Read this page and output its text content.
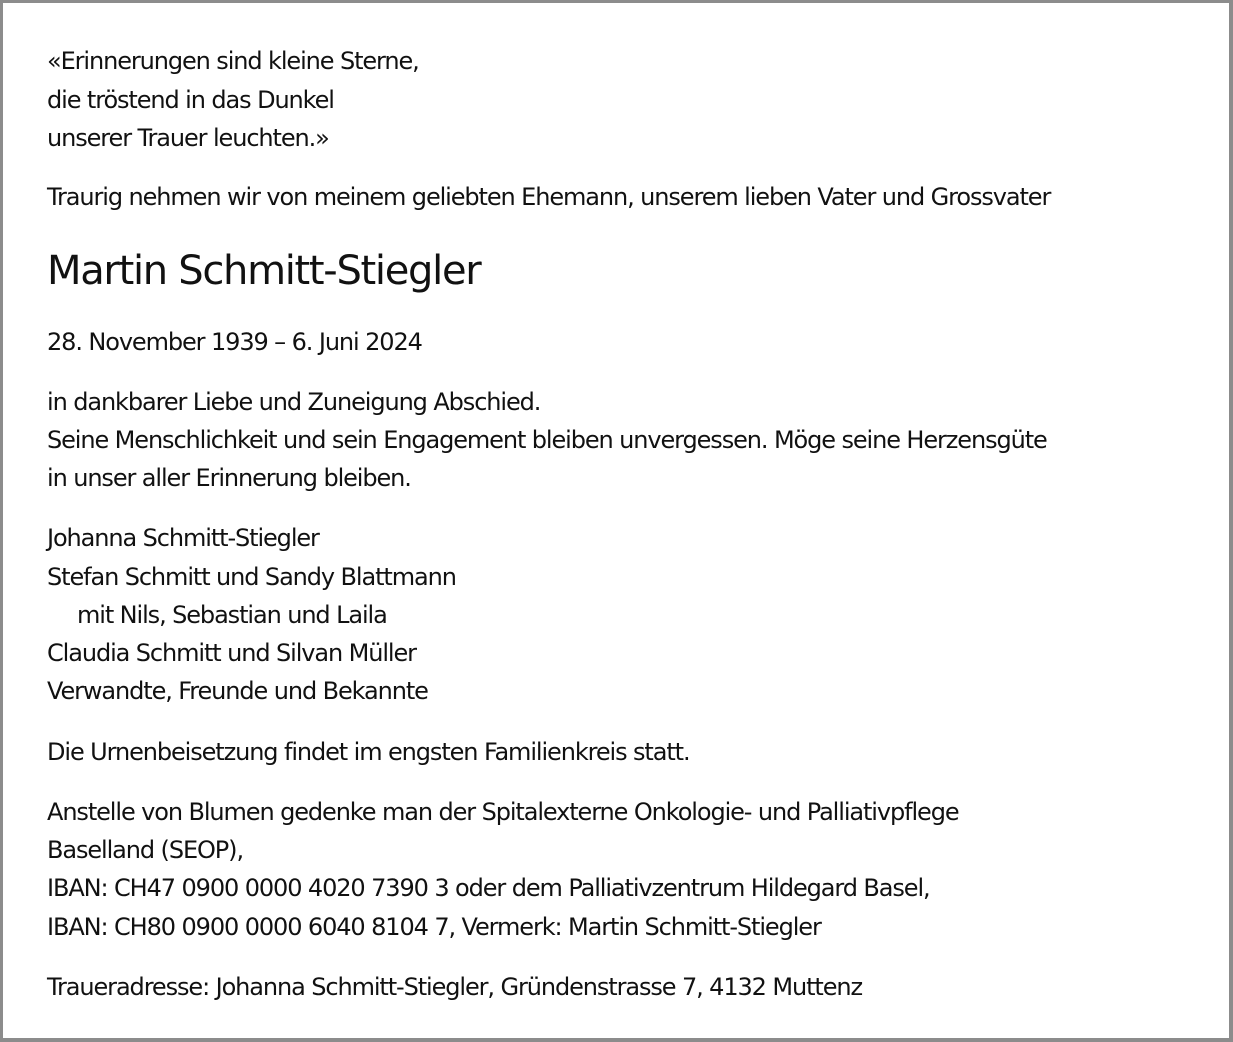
«Erinnerungen sind kleine Sterne,
die tröstend in das Dunkel
unserer Trauer leuchten.»
Traurig nehmen wir von meinem geliebten Ehemann, unserem lieben Vater und Grossvater
Martin Schmitt-Stiegler
28. November 1939 – 6. Juni 2024
in dankbarer Liebe und Zuneigung Abschied.
Seine Menschlichkeit und sein Engagement bleiben unvergessen. Möge seine Herzensgüte
in unser aller Erinnerung bleiben.
Johanna Schmitt-Stiegler
Stefan Schmitt und Sandy Blattmann
mit Nils, Sebastian und Laila
Claudia Schmitt und Silvan Müller
Verwandte, Freunde und Bekannte
Die Urnenbeisetzung findet im engsten Familienkreis statt.
Anstelle von Blumen gedenke man der Spitalexterne Onkologie- und Palliativpflege
Baselland (SEOP),
IBAN: CH47 0900 0000 4020 7390 3 oder dem Palliativzentrum Hildegard Basel,
IBAN: CH80 0900 0000 6040 8104 7, Vermerk: Martin Schmitt-Stiegler
Traueradresse: Johanna Schmitt-Stiegler, Gründenstrasse 7, 4132 Muttenz
